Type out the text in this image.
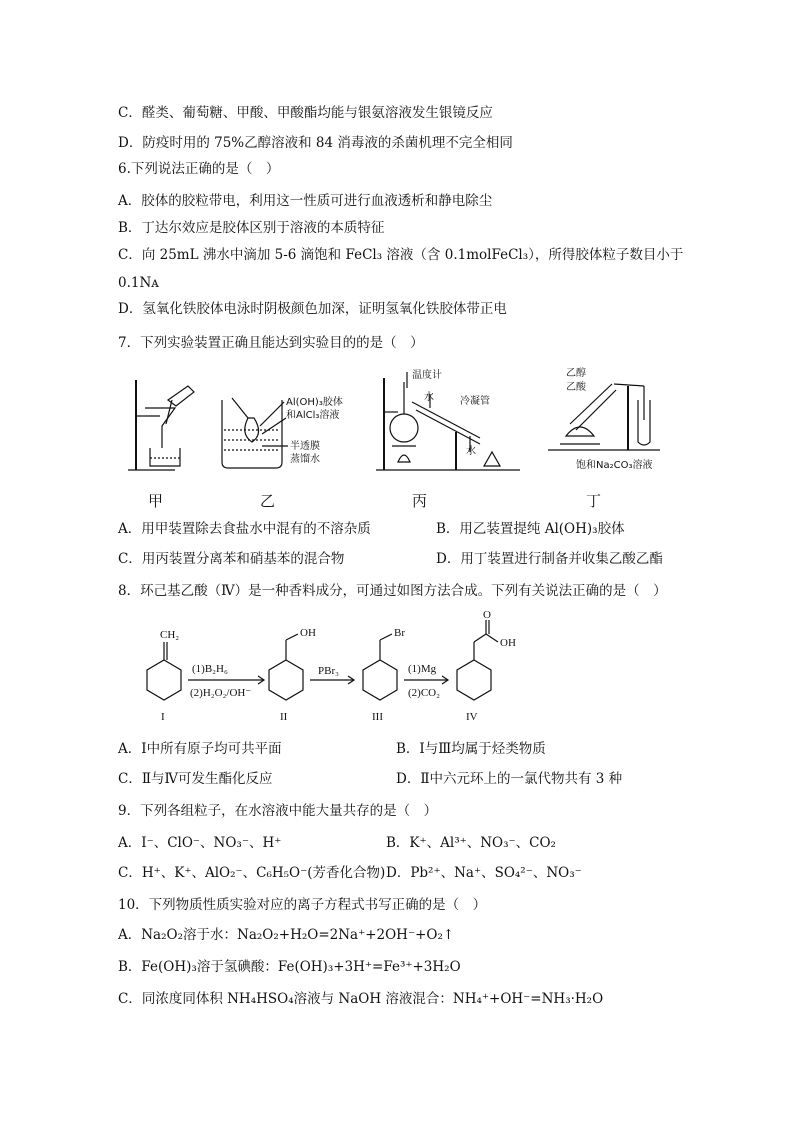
C．醛类、葡萄糖、甲酸、甲酸酯均能与银氨溶液发生银镜反应
D．防疫时用的 75%乙醇溶液和 84 消毒液的杀菌机理不完全相同
6.下列说法正确的是（　）
A．胶体的胶粒带电，利用这一性质可进行血液透析和静电除尘
B．丁达尔效应是胶体区别于溶液的本质特征
C．向 25mL 沸水中滴加 5-6 滴饱和 FeCl₃ 溶液（含 0.1molFeCl₃），所得胶体粒子数目小于
0.1Nᴀ
D．氢氧化铁胶体电泳时阴极颜色加深，证明氢氧化铁胶体带正电
7．下列实验装置正确且能达到实验目的的是（　）
Al(OH)₃胶体
和AlCl₃溶液
半透膜
蒸馏水
温度计
水	冷凝管
水
乙醇
乙酸
饱和Na₂CO₃溶液
甲	乙	丙	丁
A．用甲装置除去食盐水中混有的不溶杂质	B．用乙装置提纯 Al(OH)₃胶体
C．用丙装置分离苯和硝基苯的混合物	D．用丁装置进行制备并收集乙酸乙酯
8．环己基乙酸（Ⅳ）是一种香料成分，可通过如图方法合成。下列有关说法正确的是（　）
CH₂
(1)B₂H₆
(2)H₂O₂/OH⁻
OH
PBr₃
Br
(1)Mg
(2)CO₂
O
OH
I	II	III	IV
A．Ⅰ中所有原子均可共平面	B．Ⅰ与Ⅲ均属于烃类物质
C．Ⅱ与Ⅳ可发生酯化反应	D．Ⅱ中六元环上的一氯代物共有 3 种
9．下列各组粒子，在水溶液中能大量共存的是（　）
A．I⁻、ClO⁻、NO₃⁻、H⁺	B．K⁺、Al³⁺、NO₃⁻、CO₂
C．H⁺、K⁺、AlO₂⁻、C₆H₅O⁻(芳香化合物) D．Pb²⁺、Na⁺、SO₄²⁻、NO₃⁻
10．下列物质性质实验对应的离子方程式书写正确的是（　）
A．Na₂O₂溶于水：Na₂O₂+H₂O=2Na⁺+2OH⁻+O₂↑
B．Fe(OH)₃溶于氢碘酸：Fe(OH)₃+3H⁺=Fe³⁺+3H₂O
C．同浓度同体积 NH₄HSO₄溶液与 NaOH 溶液混合：NH₄⁺+OH⁻=NH₃·H₂O
